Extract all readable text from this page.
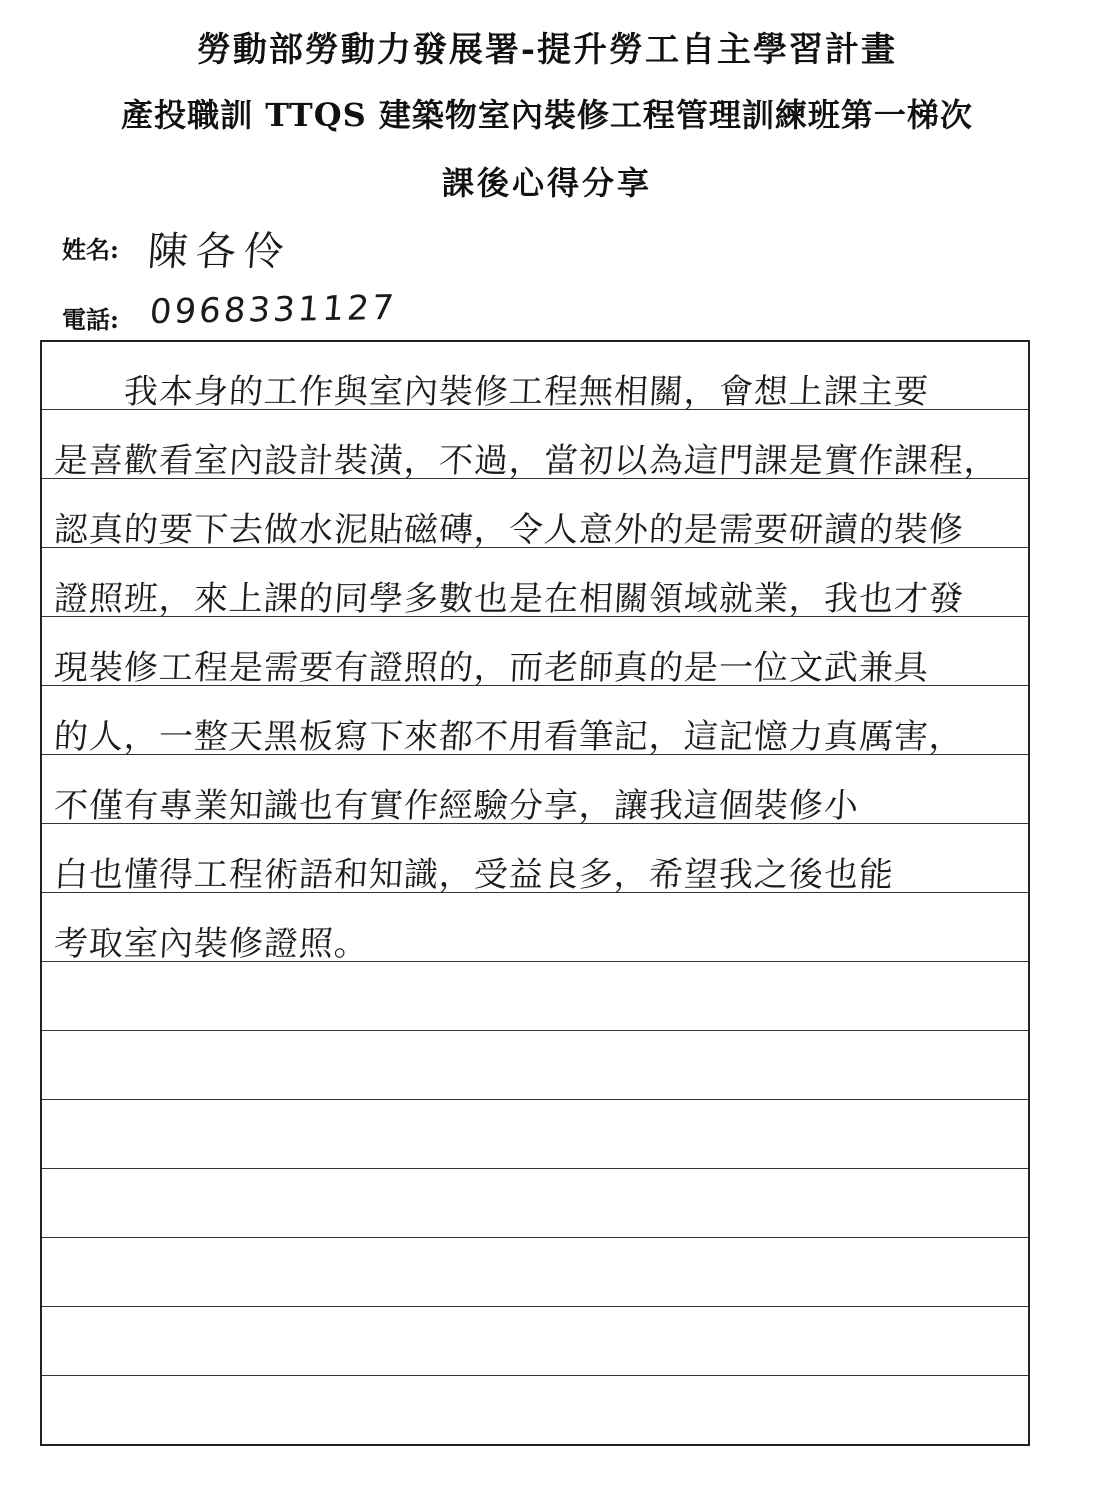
勞動部勞動力發展署-提升勞工自主學習計畫
產投職訓 TTQS 建築物室內裝修工程管理訓練班第一梯次
課後心得分享
姓名: 陳各伶
電話: 0968331127
　　我本身的工作與室內裝修工程無相關，會想上課主要
是喜歡看室內設計裝潢，不過，當初以為這門課是實作課程，
認真的要下去做水泥貼磁磚，令人意外的是需要研讀的裝修
證照班，來上課的同學多數也是在相關領域就業，我也才發
現裝修工程是需要有證照的，而老師真的是一位文武兼具
的人，一整天黑板寫下來都不用看筆記，這記憶力真厲害，
不僅有專業知識也有實作經驗分享，讓我這個裝修小
白也懂得工程術語和知識，受益良多，希望我之後也能
考取室內裝修證照。
